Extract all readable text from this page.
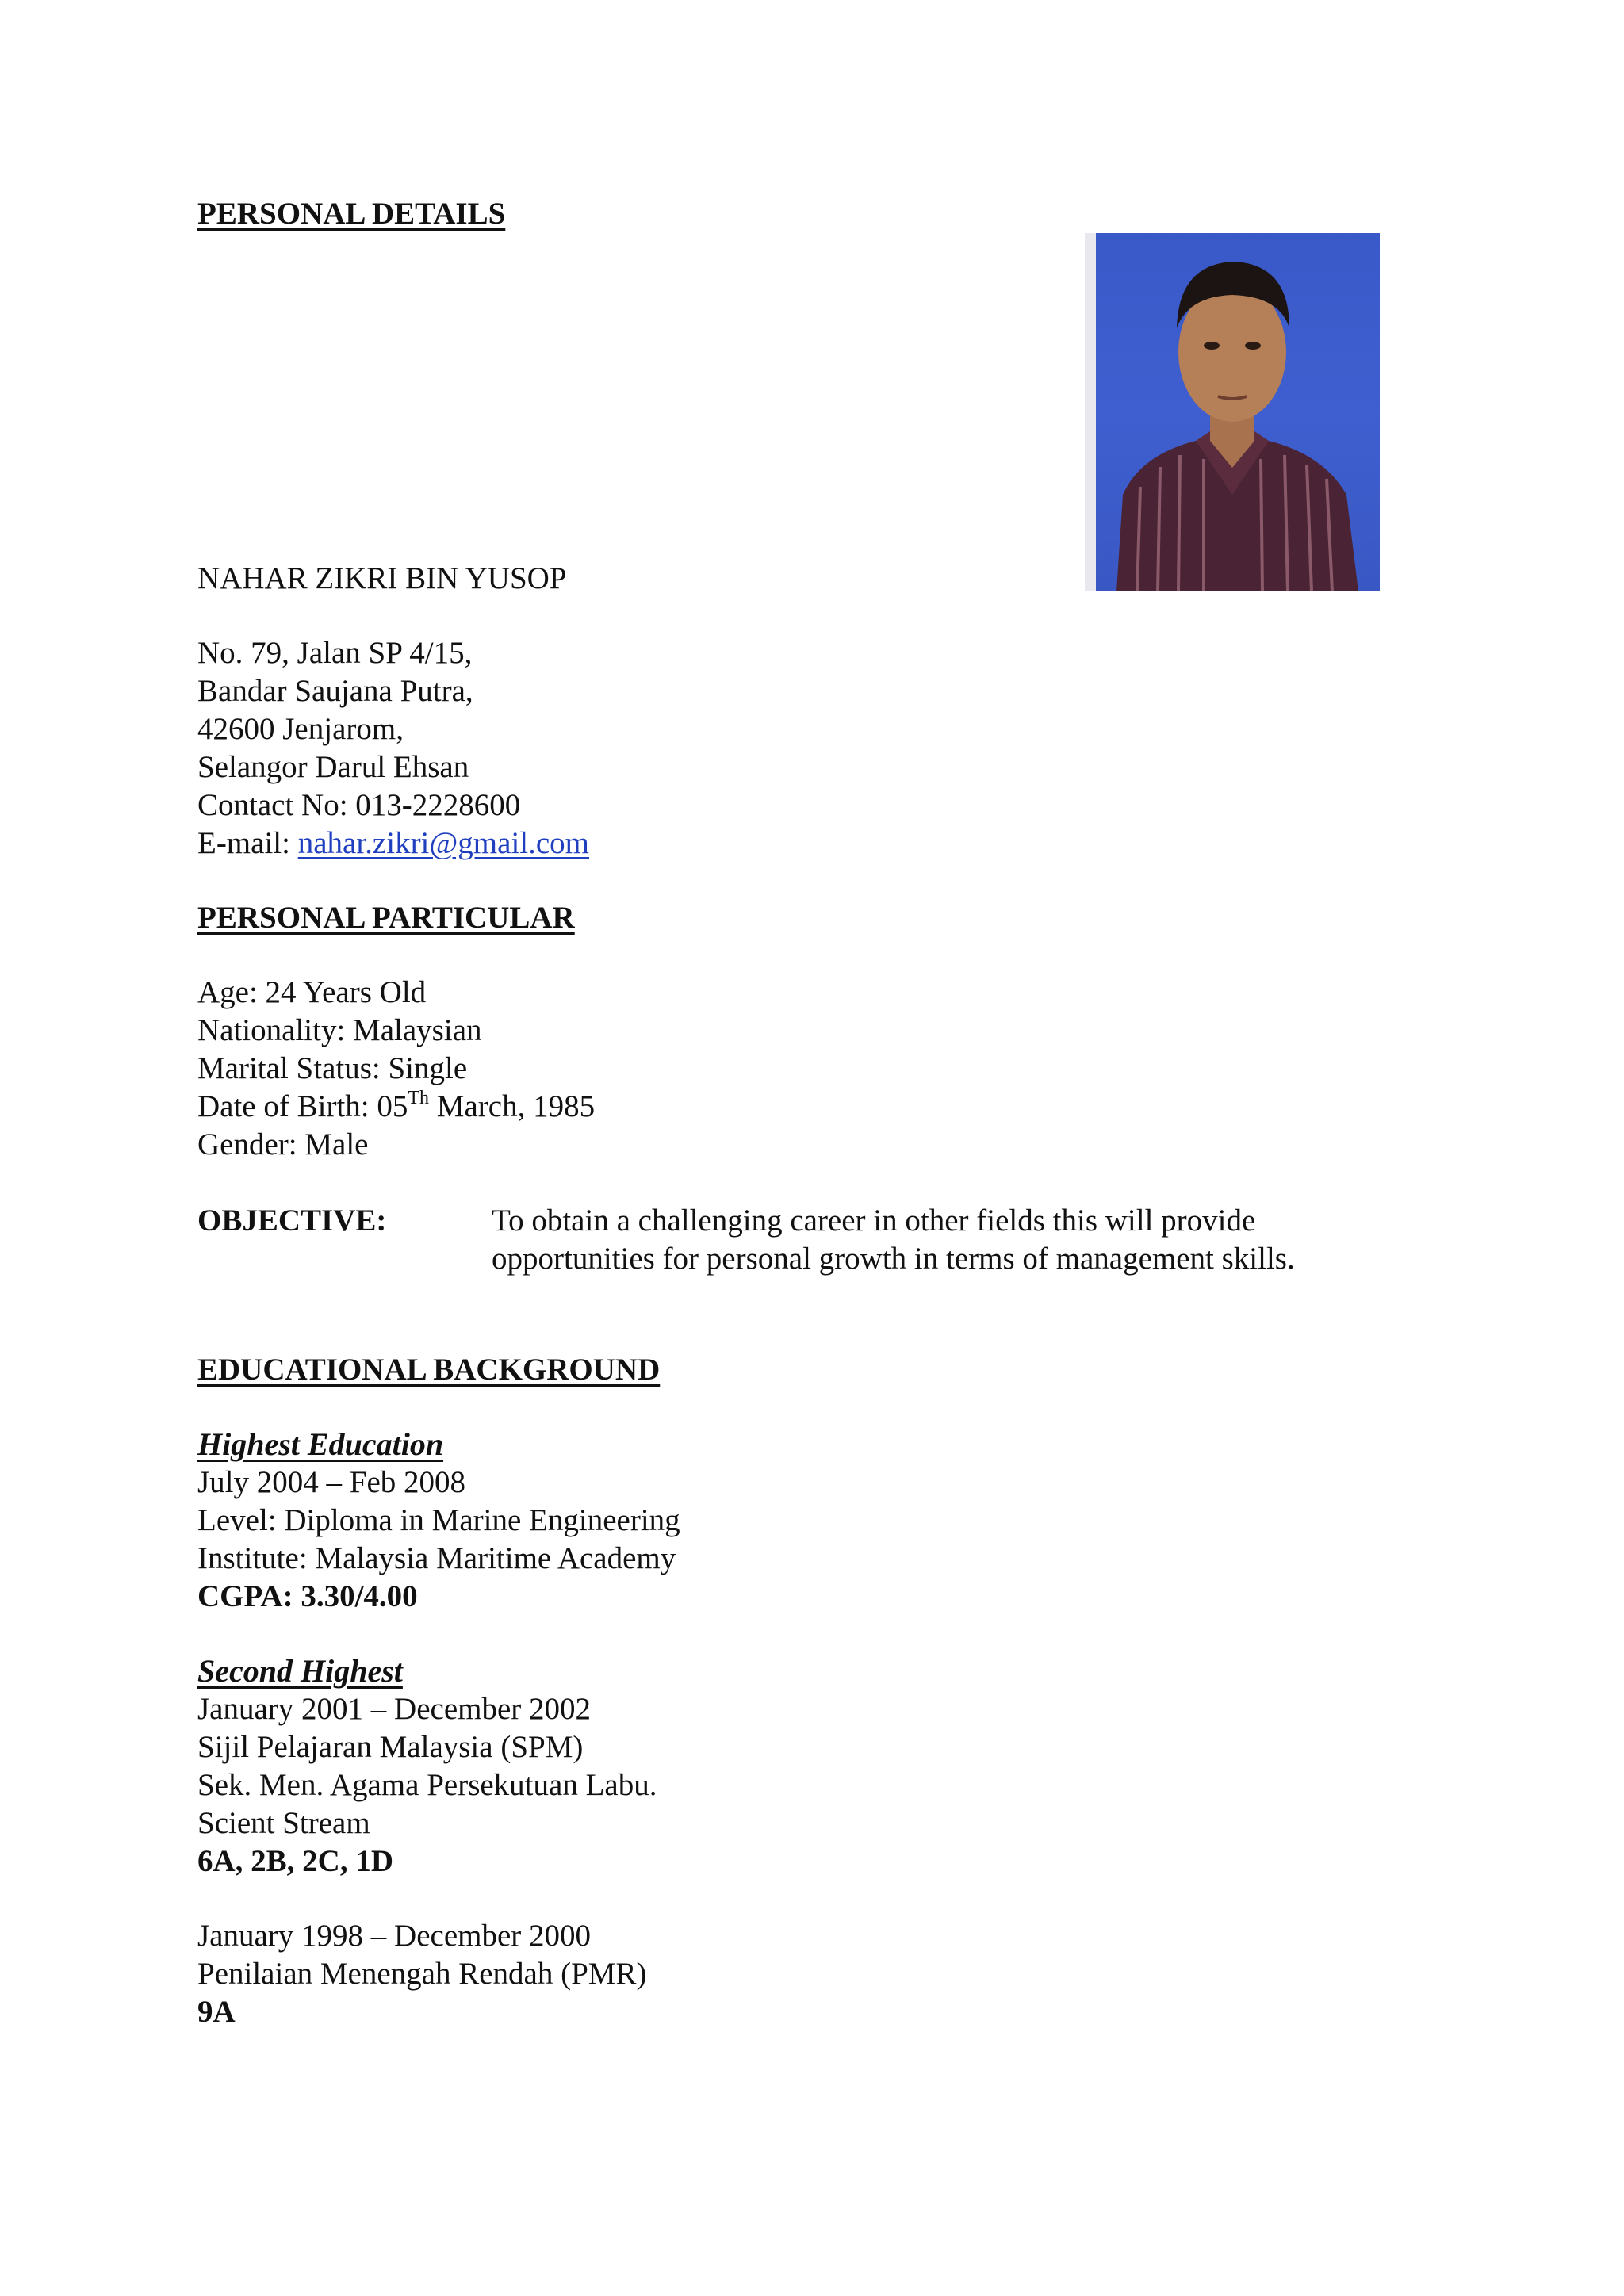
PERSONAL DETAILS
NAHAR ZIKRI BIN YUSOP
No. 79, Jalan SP 4/15,
Bandar Saujana Putra,
42600 Jenjarom,
Selangor Darul Ehsan
Contact No: 013-2228600
E-mail: nahar.zikri@gmail.com
PERSONAL PARTICULAR
Age: 24 Years Old
Nationality: Malaysian
Marital Status: Single
Date of Birth: 05Th March, 1985
Gender: Male
OBJECTIVE:	To obtain a challenging career in other fields this will provide
opportunities for personal growth in terms of management skills.
EDUCATIONAL BACKGROUND
Highest Education
July 2004 – Feb 2008
Level: Diploma in Marine Engineering
Institute: Malaysia Maritime Academy
CGPA: 3.30/4.00
Second Highest
January 2001 – December 2002
Sijil Pelajaran Malaysia (SPM)
Sek. Men. Agama Persekutuan Labu.
Scient Stream
6A, 2B, 2C, 1D
January 1998 – December 2000
Penilaian Menengah Rendah (PMR)
9A
